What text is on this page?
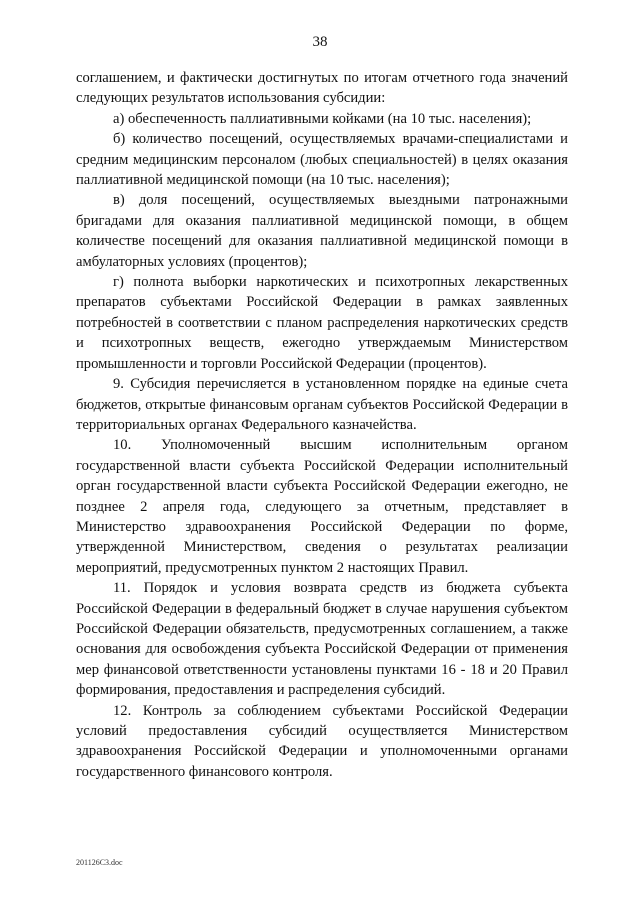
38

соглашением, и фактически достигнутых по итогам отчетного года значений следующих результатов использования субсидии:

а) обеспеченность паллиативными койками (на 10 тыс. населения);

б) количество посещений, осуществляемых врачами-специалистами и средним медицинским персоналом (любых специальностей) в целях оказания паллиативной медицинской помощи (на 10 тыс. населения);

в) доля посещений, осуществляемых выездными патронажными бригадами для оказания паллиативной медицинской помощи, в общем количестве посещений для оказания паллиативной медицинской помощи в амбулаторных условиях (процентов);

г) полнота выборки наркотических и психотропных лекарственных препаратов субъектами Российской Федерации в рамках заявленных потребностей в соответствии с планом распределения наркотических средств и психотропных веществ, ежегодно утверждаемым Министерством промышленности и торговли Российской Федерации (процентов).

9. Субсидия перечисляется в установленном порядке на единые счета бюджетов, открытые финансовым органам субъектов Российской Федерации в территориальных органах Федерального казначейства.

10. Уполномоченный высшим исполнительным органом государственной власти субъекта Российской Федерации исполнительный орган государственной власти субъекта Российской Федерации ежегодно, не позднее 2 апреля года, следующего за отчетным, представляет в Министерство здравоохранения Российской Федерации по форме, утвержденной Министерством, сведения о результатах реализации мероприятий, предусмотренных пунктом 2 настоящих Правил.

11. Порядок и условия возврата средств из бюджета субъекта Российской Федерации в федеральный бюджет в случае нарушения субъектом Российской Федерации обязательств, предусмотренных соглашением, а также основания для освобождения субъекта Российской Федерации от применения мер финансовой ответственности установлены пунктами 16 - 18 и 20 Правил формирования, предоставления и распределения субсидий.

12. Контроль за соблюдением субъектами Российской Федерации условий предоставления субсидий осуществляется Министерством здравоохранения Российской Федерации и уполномоченными органами государственного финансового контроля.

201126C3.doc
